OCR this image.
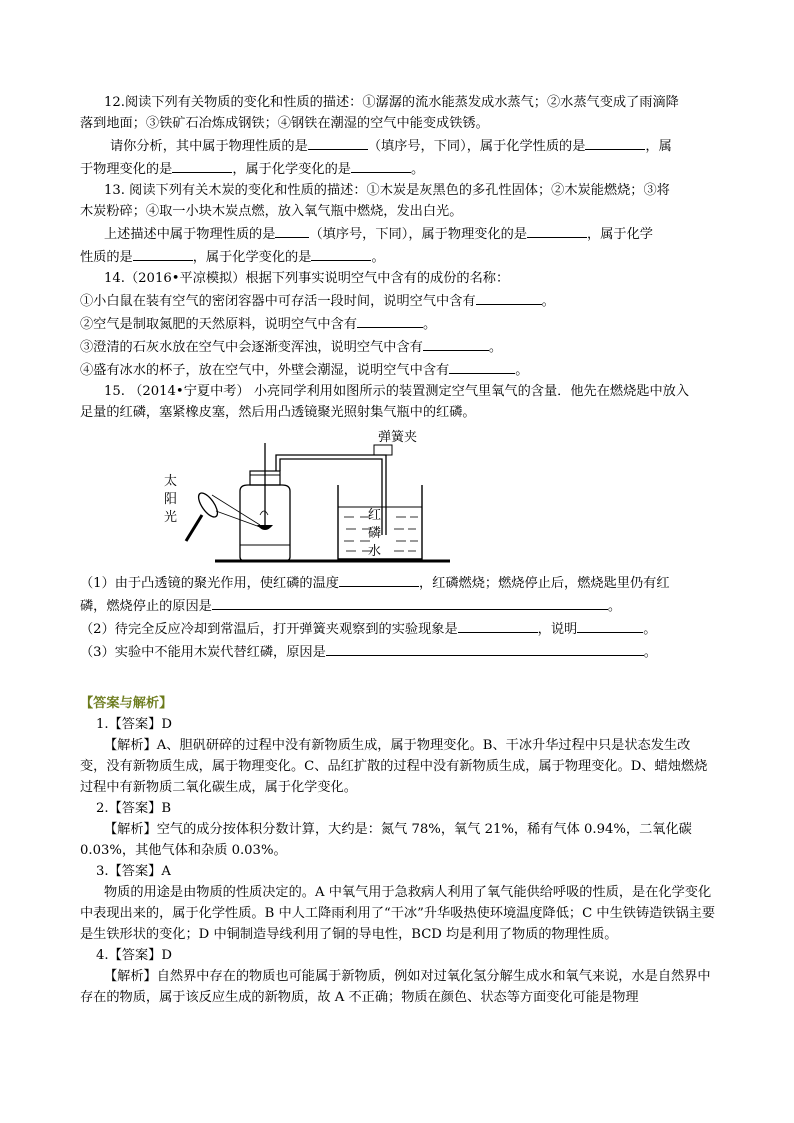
12.阅读下列有关物质的变化和性质的描述：①潺潺的流水能蒸发成水蒸气；②水蒸气变成了雨滴降

落到地面；③铁矿石冶炼成钢铁；④钢铁在潮湿的空气中能变成铁锈。

请你分析，其中属于物理性质的是	（填序号，下同），属于化学性质的是	，属

于物理变化的是	，属于化学变化的是	。

13. 阅读下列有关木炭的变化和性质的描述：①木炭是灰黑色的多孔性固体；②木炭能燃烧；③将

木炭粉碎；④取一小块木炭点燃，放入氧气瓶中燃烧，发出白光。

上述描述中属于物理性质的是	（填序号，下同），属于物理变化的是	，属于化学

性质的是	，属于化学变化的是	。

14.（2016•平凉模拟）根据下列事实说明空气中含有的成份的名称：

①小白鼠在装有空气的密闭容器中可存活一段时间，说明空气中含有	。

②空气是制取氮肥的天然原料，说明空气中含有	。

③澄清的石灰水放在空气中会逐渐变浑浊，说明空气中含有	。

④盛有冰水的杯子，放在空气中，外壁会潮湿，说明空气中含有	。

15. （2014•宁夏中考） 小亮同学利用如图所示的装置测定空气里氧气的含量．他先在燃烧匙中放入

足量的红磷，塞紧橡皮塞，然后用凸透镜聚光照射集气瓶中的红磷。

弹簧夹
太
阳
光	红
磷
水

（1）由于凸透镜的聚光作用，使红磷的温度	，红磷燃烧；燃烧停止后，燃烧匙里仍有红

磷，燃烧停止的原因是	。

（2）待完全反应冷却到常温后，打开弹簧夹观察到的实验现象是	，说明	。

（3）实验中不能用木炭代替红磷，原因是	。

【答案与解析】

1.【答案】D

【解析】A、胆矾研碎的过程中没有新物质生成，属于物理变化。B、干冰升华过程中只是状态发生改变，没有新物质生成，属于物理变化。C、品红扩散的过程中没有新物质生成，属于物理变化。D、蜡烛燃烧过程中有新物质二氧化碳生成，属于化学变化。

2.【答案】B

【解析】空气的成分按体积分数计算，大约是：氮气 78%，氧气 21%，稀有气体 0.94%，二氧化碳 0.03%，其他气体和杂质 0.03%。

3.【答案】A

物质的用途是由物质的性质决定的。A 中氧气用于急救病人利用了氧气能供给呼吸的性质，是在化学变化中表现出来的，属于化学性质。B 中人工降雨利用了“干冰”升华吸热使环境温度降低；C 中生铁铸造铁锅主要是生铁形状的变化；D 中铜制造导线利用了铜的导电性，BCD 均是利用了物质的物理性质。

4.【答案】D

【解析】自然界中存在的物质也可能属于新物质，例如对过氧化氢分解生成水和氧气来说，水是自然界中存在的物质，属于该反应生成的新物质，故 A 不正确；物质在颜色、状态等方面变化可能是物理
